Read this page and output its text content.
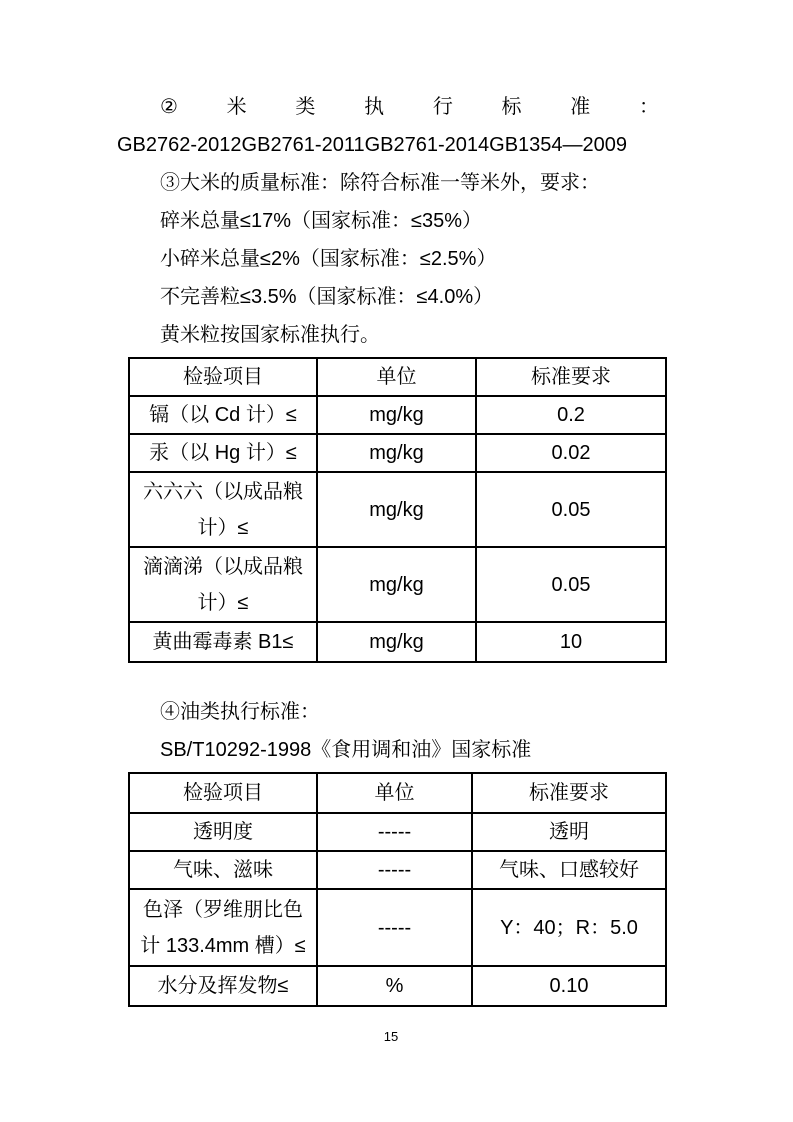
② 米 类 执 行 标 准 ：
GB2762-2012GB2761-2011GB2761-2014GB1354—2009
③大米的质量标准：除符合标准一等米外，要求：
碎米总量≤17%（国家标准：≤35%）
小碎米总量≤2%（国家标准：≤2.5%）
不完善粒≤3.5%（国家标准：≤4.0%）
黄米粒按国家标准执行。
检验项目	单位	标准要求
镉（以 Cd 计）≤	mg/kg	0.2
汞（以 Hg 计）≤	mg/kg	0.02
六六六（以成品粮计）≤	mg/kg	0.05
滴滴涕（以成品粮计）≤	mg/kg	0.05
黄曲霉毒素 B1≤	mg/kg	10
④油类执行标准：
SB/T10292-1998《食用调和油》国家标准
检验项目	单位	标准要求
透明度	-----	透明
气味、滋味	-----	气味、口感较好
色泽（罗维朋比色计 133.4mm 槽）≤	-----	Y：40；R：5.0
水分及挥发物≤	%	0.10
15
